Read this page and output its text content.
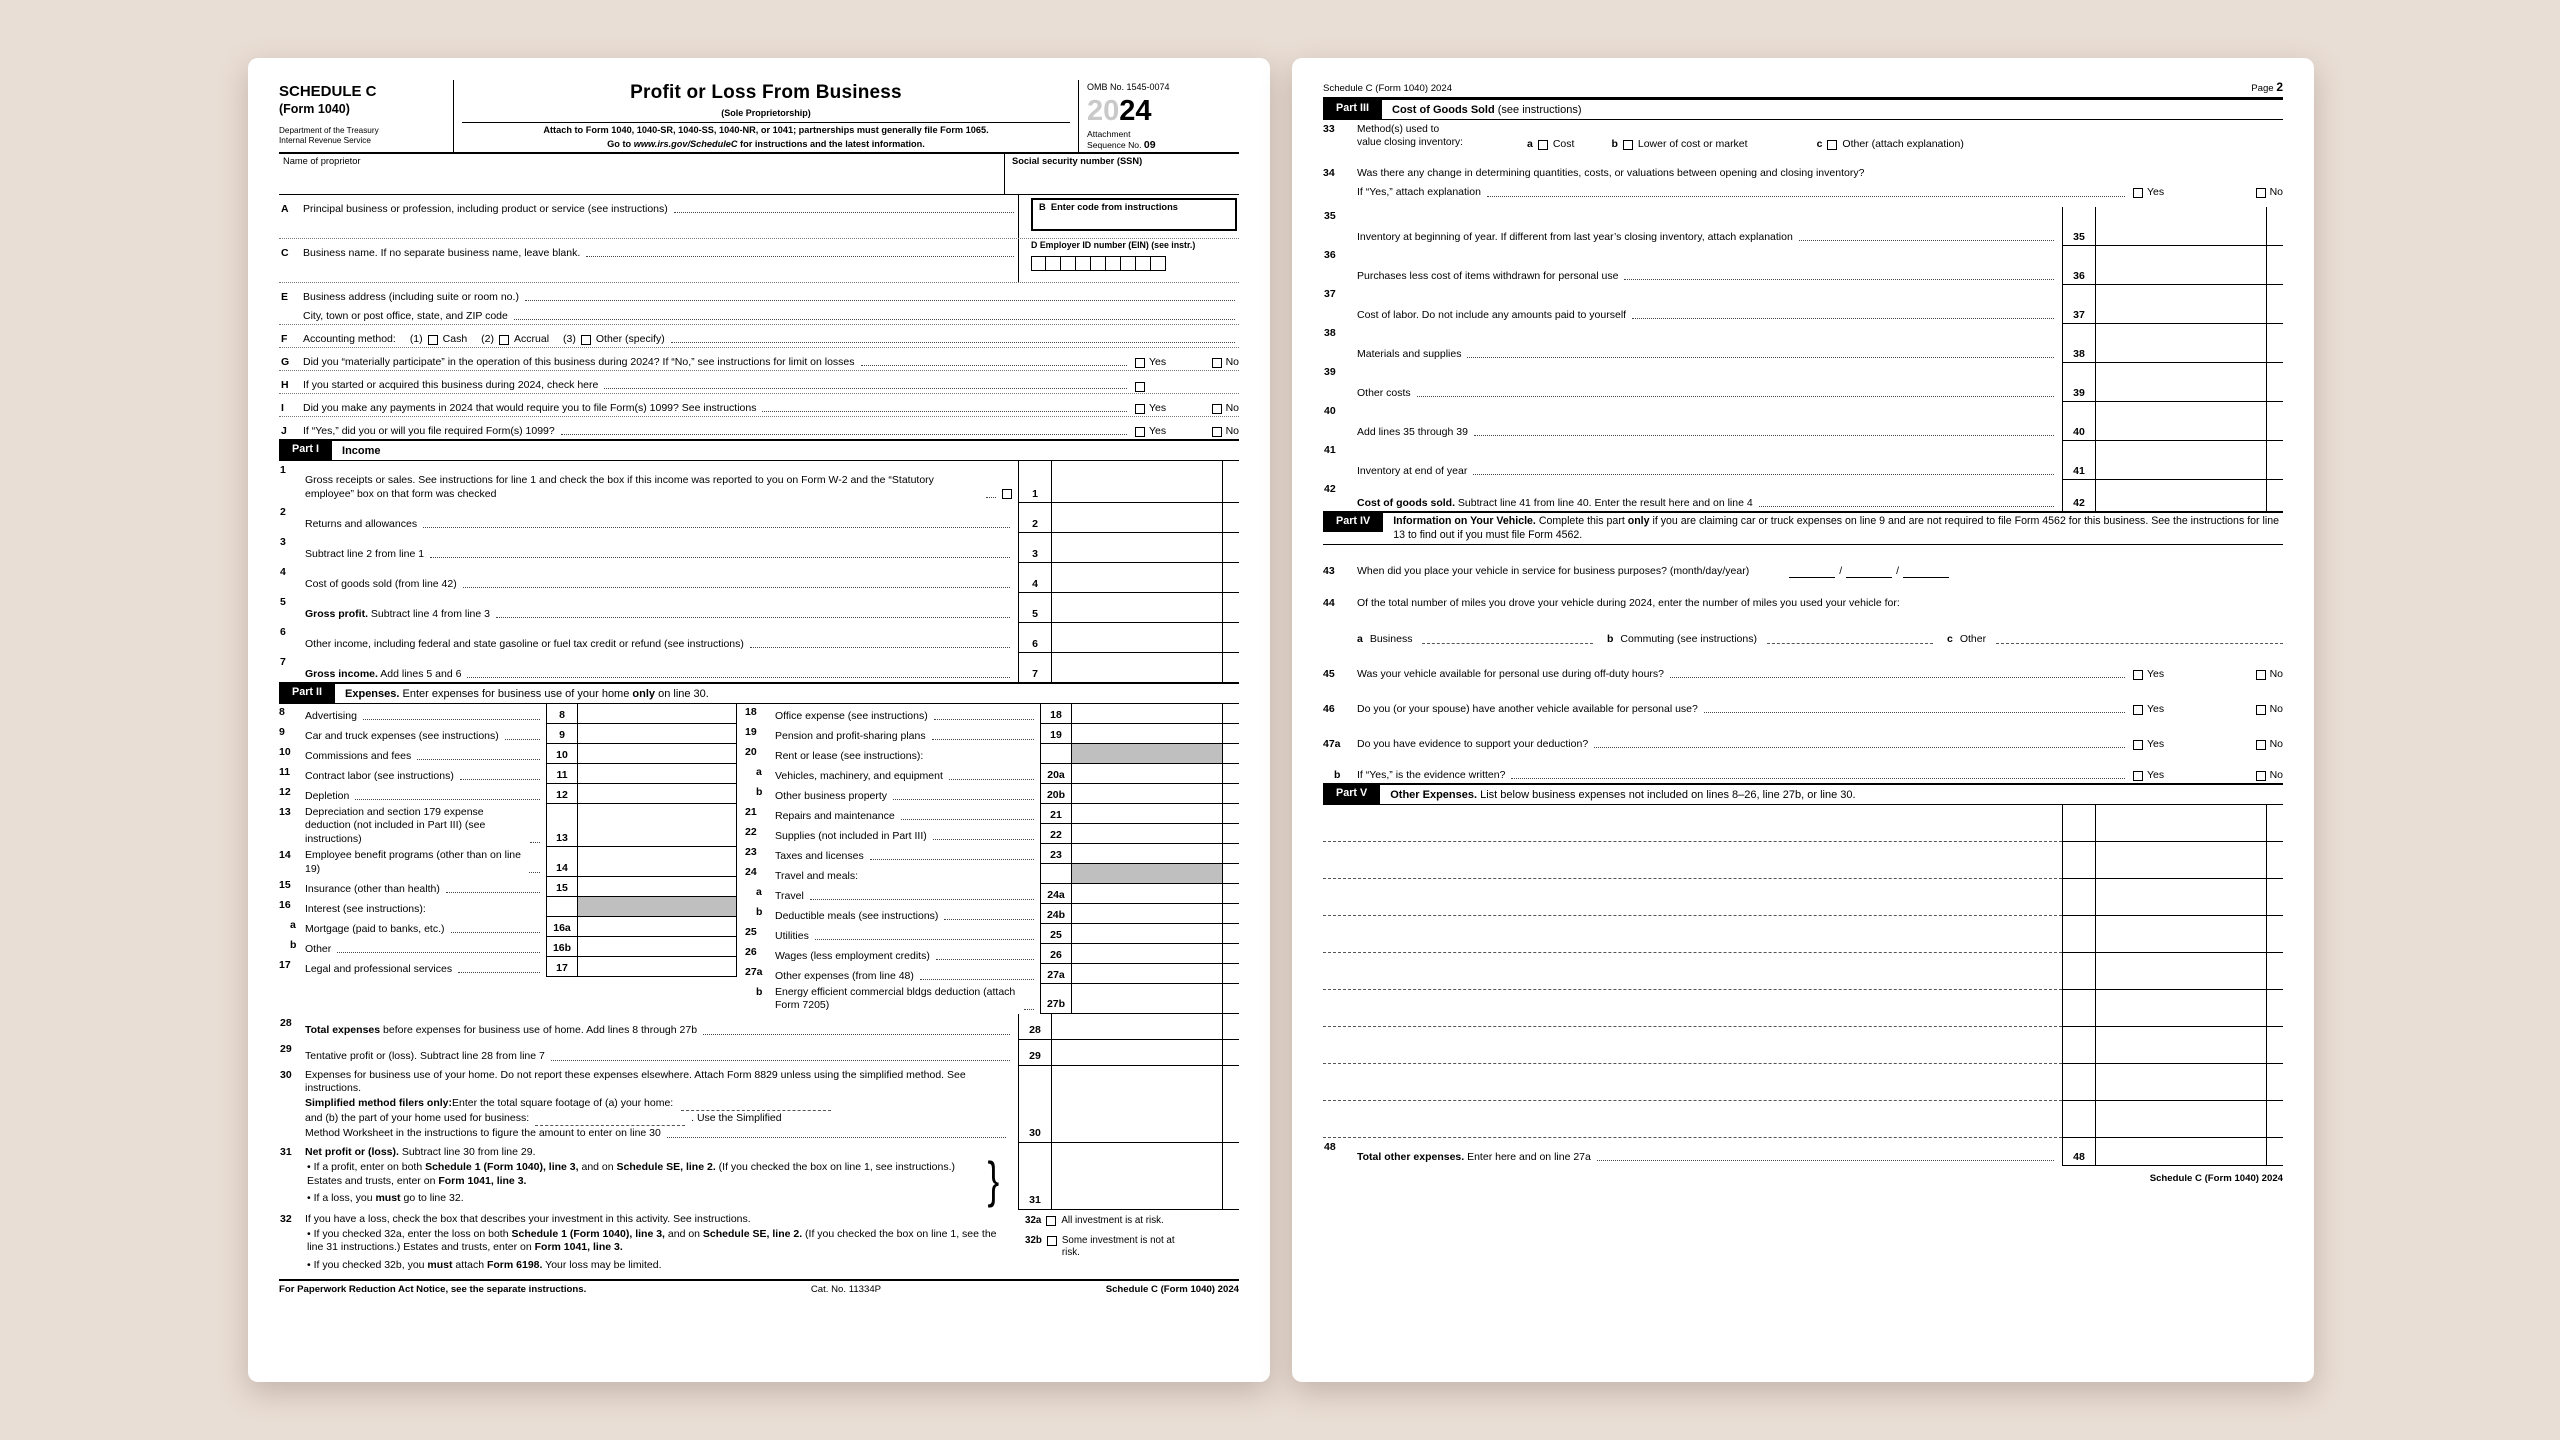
SCHEDULE C
(Form 1040)
Department of the Treasury
Internal Revenue Service
Profit or Loss From Business
(Sole Proprietorship)
Attach to Form 1040, 1040-SR, 1040-SS, 1040-NR, or 1041; partnerships must generally file Form 1065.
Go to www.irs.gov/ScheduleC for instructions and the latest information.
OMB No. 1545-0074
2024
Attachment
Sequence No. 09
Name of proprietor	Social security number (SSN)
A	Principal business or profession, including product or service (see instructions)	B Enter code from instructions
C	Business name. If no separate business name, leave blank.
D Employer ID number (EIN) (see instr.)
E	Business address (including suite or room no.)
City, town or post office, state, and ZIP code
F	Accounting method: (1) Cash (2) Accrual (3) Other (specify)
G	Did you “materially participate” in the operation of this business during 2024? If “No,” see instructions for limit on losses	Yes	No
H	If you started or acquired this business during 2024, check here
I	Did you make any payments in 2024 that would require you to file Form(s) 1099? See instructions	Yes	No
J	If “Yes,” did you or will you file required Form(s) 1099?	Yes	No
Part I	Income
1
Gross receipts or sales. See instructions for line 1 and check the box if this income was reported to you on Form W-2 and the “Statutory employee” box on that form was checked	1
2
Returns and allowances	2
3
Subtract line 2 from line 1	3
4
Cost of goods sold (from line 42)	4
5
Gross profit. Subtract line 4 from line 3	5
6
Other income, including federal and state gasoline or fuel tax credit or refund (see instructions)	6
7
Gross income. Add lines 5 and 6	7
Part II	Expenses. Enter expenses for business use of your home only on line 30.
8	Advertising	8
9	Car and truck expenses (see instructions)	9
10	Commissions and fees	10
11	Contract labor (see instructions)	11
12	Depletion	12
13	Depreciation and section 179 expense deduction (not included in Part III) (see instructions)	13
14	Employee benefit programs (other than on line 19)	14
15	Insurance (other than health)	15
16	Interest (see instructions):
a Mortgage (paid to banks, etc.)	16a
b Other	16b
17	Legal and professional services	17
18	Office expense (see instructions)	18
19	Pension and profit-sharing plans	19
20	Rent or lease (see instructions):
a	Vehicles, machinery, and equipment	20a
b	Other business property	20b
21	Repairs and maintenance	21
22	Supplies (not included in Part III)	22
23	Taxes and licenses	23
24	Travel and meals:
a	Travel	24a
b	Deductible meals (see instructions)	24b
25	Utilities	25
26	Wages (less employment credits)	26
27a	Other expenses (from line 48)	27a
b	Energy efficient commercial bldgs deduction (attach Form 7205)	27b
28
Total expenses before expenses for business use of home. Add lines 8 through 27b	28
29
Tentative profit or (loss). Subtract line 28 from line 7	29
30	Expenses for business use of your home. Do not report these expenses elsewhere. Attach Form 8829 unless using the simplified method. See instructions.
Simplified method filers only: Enter the total square footage of (a) your home:
and (b) the part of your home used for business:	. Use the Simplified
Method Worksheet in the instructions to figure the amount to enter on line 30	30
31	Net profit or (loss). Subtract line 30 from line 29.
• If a profit, enter on both Schedule 1 (Form 1040), line 3, and on Schedule SE, line 2. (If you checked the box on line 1, see instructions.) Estates and trusts, enter on Form 1041, line 3.
• If a loss, you must go to line 32.	}	31
32	If you have a loss, check the box that describes your investment in this activity. See instructions.
• If you checked 32a, enter the loss on both Schedule 1 (Form 1040), line 3, and on Schedule SE, line 2. (If you checked the box on line 1, see the line 31 instructions.) Estates and trusts, enter on Form 1041, line 3.
• If you checked 32b, you must attach Form 6198. Your loss may be limited.
32a All investment is at risk.
32b Some investment is not at risk.
For Paperwork Reduction Act Notice, see the separate instructions.	Cat. No. 11334P	Schedule C (Form 1040) 2024
Schedule C (Form 1040) 2024	Page 2
Part III	Cost of Goods Sold (see instructions)
33	Method(s) used to
value closing inventory:	a Cost	b Lower of cost or market	c Other (attach explanation)
34	Was there any change in determining quantities, costs, or valuations between opening and closing inventory?
If “Yes,” attach explanation	Yes	No
35
Inventory at beginning of year. If different from last year’s closing inventory, attach explanation	35
36
Purchases less cost of items withdrawn for personal use	36
37
Cost of labor. Do not include any amounts paid to yourself	37
38
Materials and supplies	38
39
Other costs	39
40
Add lines 35 through 39	40
41
Inventory at end of year	41
42
Cost of goods sold. Subtract line 41 from line 40. Enter the result here and on line 4	42
Part IV	Information on Your Vehicle. Complete this part only if you are claiming car or truck expenses on line 9 and are not required to file Form 4562 for this business. See the instructions for line 13 to find out if you must file Form 4562.
43	When did you place your vehicle in service for business purposes? (month/day/year)	/	/
44	Of the total number of miles you drove your vehicle during 2024, enter the number of miles you used your vehicle for:
a Business	b Commuting (see instructions)	c Other
45	Was your vehicle available for personal use during off-duty hours?	Yes	No
46	Do you (or your spouse) have another vehicle available for personal use?	Yes	No
47a	Do you have evidence to support your deduction?	Yes	No
b	If “Yes,” is the evidence written?	Yes	No
Part V	Other Expenses. List below business expenses not included on lines 8–26, line 27b, or line 30.
48
Total other expenses. Enter here and on line 27a	48
Schedule C (Form 1040) 2024
